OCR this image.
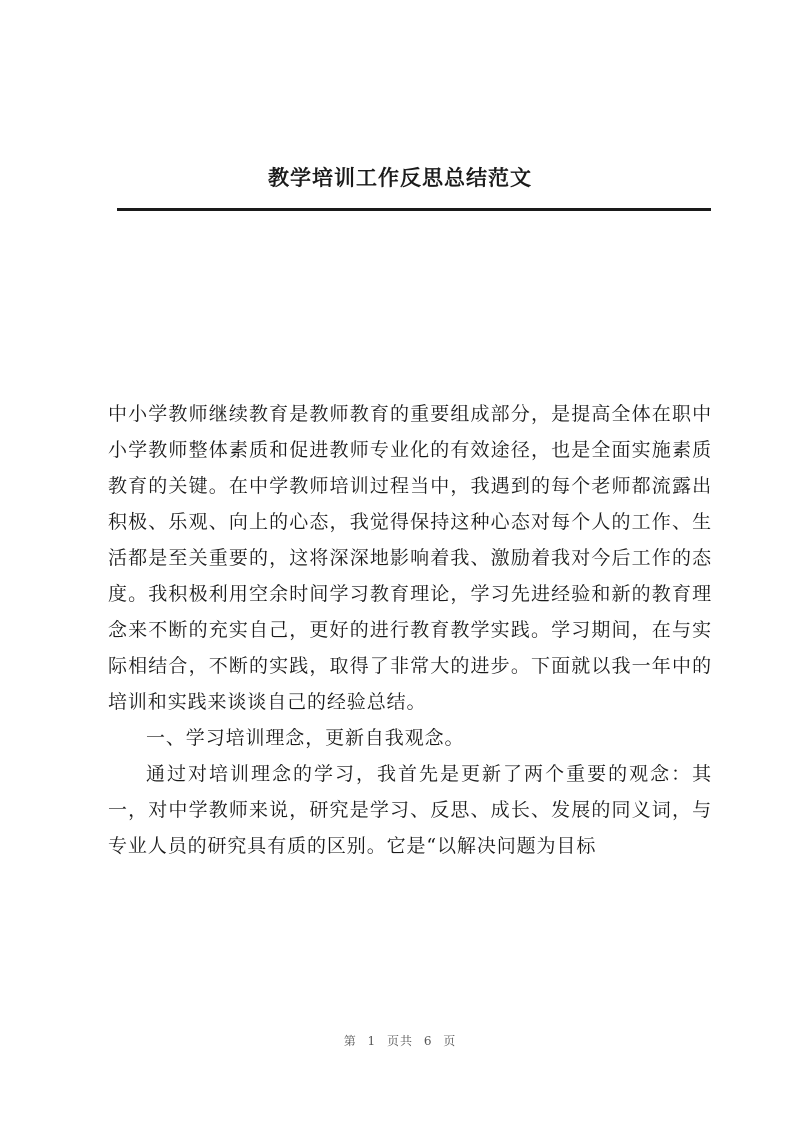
教学培训工作反思总结范文

中小学教师继续教育是教师教育的重要组成部分，是提高全体在职中小学教师整体素质和促进教师专业化的有效途径，也是全面实施素质教育的关键。在中学教师培训过程当中，我遇到的每个老师都流露出积极、乐观、向上的心态，我觉得保持这种心态对每个人的工作、生活都是至关重要的，这将深深地影响着我、激励着我对今后工作的态度。我积极利用空余时间学习教育理论，学习先进经验和新的教育理念来不断的充实自己，更好的进行教育教学实践。学习期间，在与实际相结合，不断的实践，取得了非常大的进步。下面就以我一年中的培训和实践来谈谈自己的经验总结。

一、学习培训理念，更新自我观念。

通过对培训理念的学习，我首先是更新了两个重要的观念：其一，对中学教师来说，研究是学习、反思、成长、发展的同义词，与专业人员的研究具有质的区别。它是“以解决问题为目标

第 1 页共 6 页
